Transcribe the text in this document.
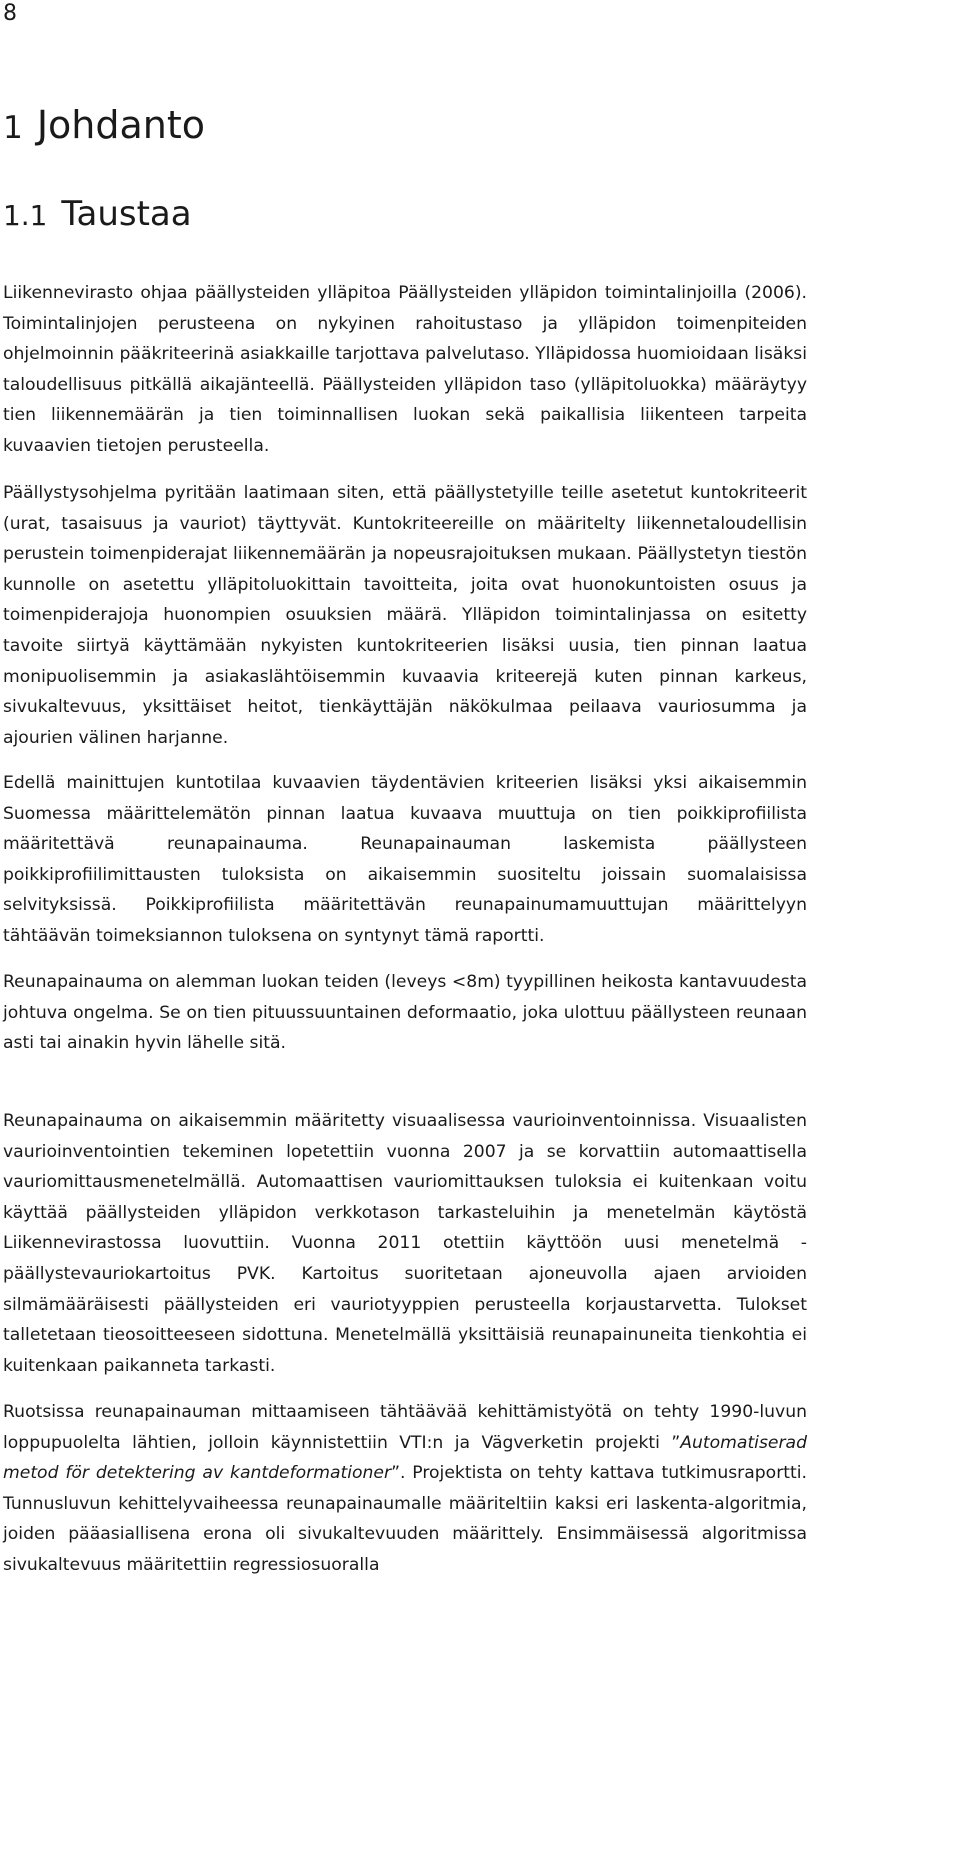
8
1 Johdanto
1.1 Taustaa

Liikennevirasto ohjaa päällysteiden ylläpitoa Päällysteiden ylläpidon toimintalinjoilla (2006). Toimintalinjojen perusteena on nykyinen rahoitustaso ja ylläpidon toimenpiteiden ohjelmoinnin pääkriteerinä asiakkaille tarjottava palvelutaso. Ylläpidossa huomioidaan lisäksi taloudellisuus pitkällä aikajänteellä. Päällysteiden ylläpidon taso (ylläpitoluokka) määräytyy tien liikennemäärän ja tien toiminnallisen luokan sekä paikallisia liikenteen tarpeita kuvaavien tietojen perusteella.

Päällystysohjelma pyritään laatimaan siten, että päällystetyille teille asetetut kuntokriteerit (urat, tasaisuus ja vauriot) täyttyvät. Kuntokriteereille on määritelty liikennetaloudellisin perustein toimenpiderajat liikennemäärän ja nopeusrajoituksen mukaan. Päällystetyn tiestön kunnolle on asetettu ylläpitoluokittain tavoitteita, joita ovat huonokuntoisten osuus ja toimenpiderajoja huonompien osuuksien määrä. Ylläpidon toimintalinjassa on esitetty tavoite siirtyä käyttämään nykyisten kuntokriteerien lisäksi uusia, tien pinnan laatua monipuolisemmin ja asiakaslähtöisemmin kuvaavia kriteerejä kuten pinnan karkeus, sivukaltevuus, yksittäiset heitot, tienkäyttäjän näkökulmaa peilaava vauriosumma ja ajourien välinen harjanne.

Edellä mainittujen kuntotilaa kuvaavien täydentävien kriteerien lisäksi yksi aikaisemmin Suomessa määrittelemätön pinnan laatua kuvaava muuttuja on tien poikkiprofiilista määritettävä reunapainauma. Reunapainauman laskemista päällysteen poikkiprofiilimittausten tuloksista on aikaisemmin suositeltu joissain suomalaisissa selvityksissä. Poikkiprofiilista määritettävän reunapainumamuuttujan määrittelyyn tähtäävän toimeksiannon tuloksena on syntynyt tämä raportti.

Reunapainauma on alemman luokan teiden (leveys <8m) tyypillinen heikosta kantavuudesta johtuva ongelma. Se on tien pituussuuntainen deformaatio, joka ulottuu päällysteen reunaan asti tai ainakin hyvin lähelle sitä.

Reunapainauma on aikaisemmin määritetty visuaalisessa vaurioinventoinnissa. Visuaalisten vaurioinventointien tekeminen lopetettiin vuonna 2007 ja se korvattiin automaattisella vauriomittausmenetelmällä. Automaattisen vauriomittauksen tuloksia ei kuitenkaan voitu käyttää päällysteiden ylläpidon verkkotason tarkasteluihin ja menetelmän käytöstä Liikennevirastossa luovuttiin. Vuonna 2011 otettiin käyttöön uusi menetelmä - päällystevauriokartoitus PVK. Kartoitus suoritetaan ajoneuvolla ajaen arvioiden silmämääräisesti päällysteiden eri vauriotyyppien perusteella korjaustarvetta. Tulokset talletetaan tieosoitteeseen sidottuna. Menetelmällä yksittäisiä reunapainuneita tienkohtia ei kuitenkaan paikanneta tarkasti.

Ruotsissa reunapainauman mittaamiseen tähtäävää kehittämistyötä on tehty 1990-luvun loppupuolelta lähtien, jolloin käynnistettiin VTI:n ja Vägverketin projekti ”Automatiserad metod för detektering av kantdeformationer”. Projektista on tehty kattava tutkimusraportti. Tunnusluvun kehittelyvaiheessa reunapainaumalle määriteltiin kaksi eri laskenta-algoritmia, joiden pääasiallisena erona oli sivukaltevuuden määrittely. Ensimmäisessä algoritmissa sivukaltevuus määritettiin regressiosuoralla
